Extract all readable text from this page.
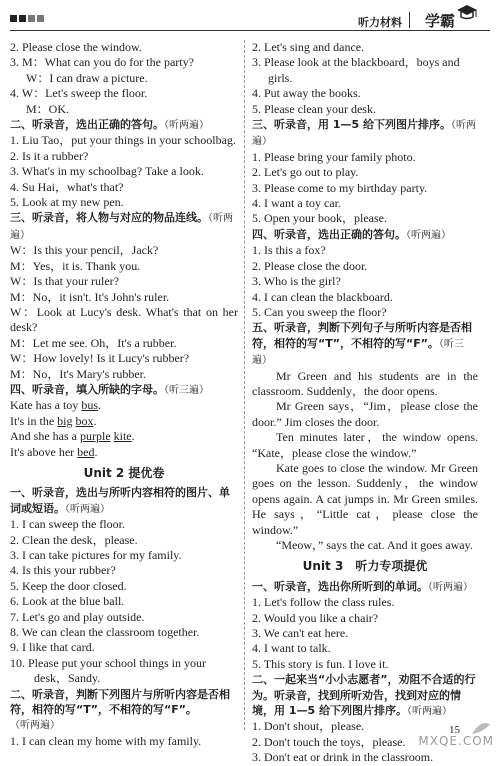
听力材料 学霸
2. Please close the window.
3. M：What can you do for the party?
W：I can draw a picture.
4. W：Let's sweep the floor.
M：OK.
二、听录音，选出正确的答句。（听两遍）
1. Liu Tao，put your things in your schoolbag.
2. Is it a rubber?
3. What's in my schoolbag? Take a look.
4. Su Hai，what's that?
5. Look at my new pen.
三、听录音，将人物与对应的物品连线。（听两遍）
W：Is this your pencil，Jack?
M：Yes，it is. Thank you.
W：Is that your ruler?
M：No，it isn't. It's John's ruler.
W：Look at Lucy's desk. What's that on her desk?
M：Let me see. Oh，It's a rubber.
W：How lovely! Is it Lucy's rubber?
M：No，It's Mary's rubber.
四、听录音，填入所缺的字母。（听三遍）
Kate has a toy bus.
It's in the big box.
And she has a purple kite.
It's above her bed.
Unit 2 提优卷
一、听录音，选出与所听内容相符的图片、单词或短语。（听两遍）
1. I can sweep the floor.
2. Clean the desk，please.
3. I can take pictures for my family.
4. Is this your rubber?
5. Keep the door closed.
6. Look at the blue ball.
7. Let's go and play outside.
8. We can clean the classroom together.
9. I like that card.
10. Please put your school things in your
desk，Sandy.
二、听录音，判断下列图片与所听内容是否相符，相符的写“T”，不相符的写“F”。（听两遍）
1. I can clean my home with my family.
2. Let's sing and dance.
3. Please look at the blackboard，boys and
girls.
4. Put away the books.
5. Please clean your desk.
三、听录音，用 1—5 给下列图片排序。（听两遍）
1. Please bring your family photo.
2. Let's go out to play.
3. Please come to my birthday party.
4. I want a toy car.
5. Open your book，please.
四、听录音，选出正确的答句。（听两遍）
1. Is this a fox?
2. Please close the door.
3. Who is the girl?
4. I can clean the blackboard.
5. Can you sweep the floor?
五、听录音，判断下列句子与所听内容是否相符，相符的写“T”，不相符的写“F”。（听三遍）
Mr Green and his students are in the classroom. Suddenly，the door opens.
Mr Green says，“Jim，please close the door.” Jim closes the door.
Ten minutes later，the window opens. “Kate，please close the window.”
Kate goes to close the window. Mr Green goes on the lesson. Suddenly，the window opens again. A cat jumps in. Mr Green smiles. He says，“Little cat，please close the window.”
“Meow，” says the cat. And it goes away.
Unit 3　听力专项提优
一、听录音，选出你所听到的单词。（听两遍）
1. Let's follow the class rules.
2. Would you like a chair?
3. We can't eat here.
4. I want to talk.
5. This story is fun. I love it.
二、一起来当“小小志愿者”，劝阻不合适的行为。听录音，找到所听劝告，找到对应的情境，用 1—5 给下列图片排序。（听两遍）
1. Don't shout，please.
2. Don't touch the toys，please.
3. Don't eat or drink in the classroom.
15
MXQE.COM
